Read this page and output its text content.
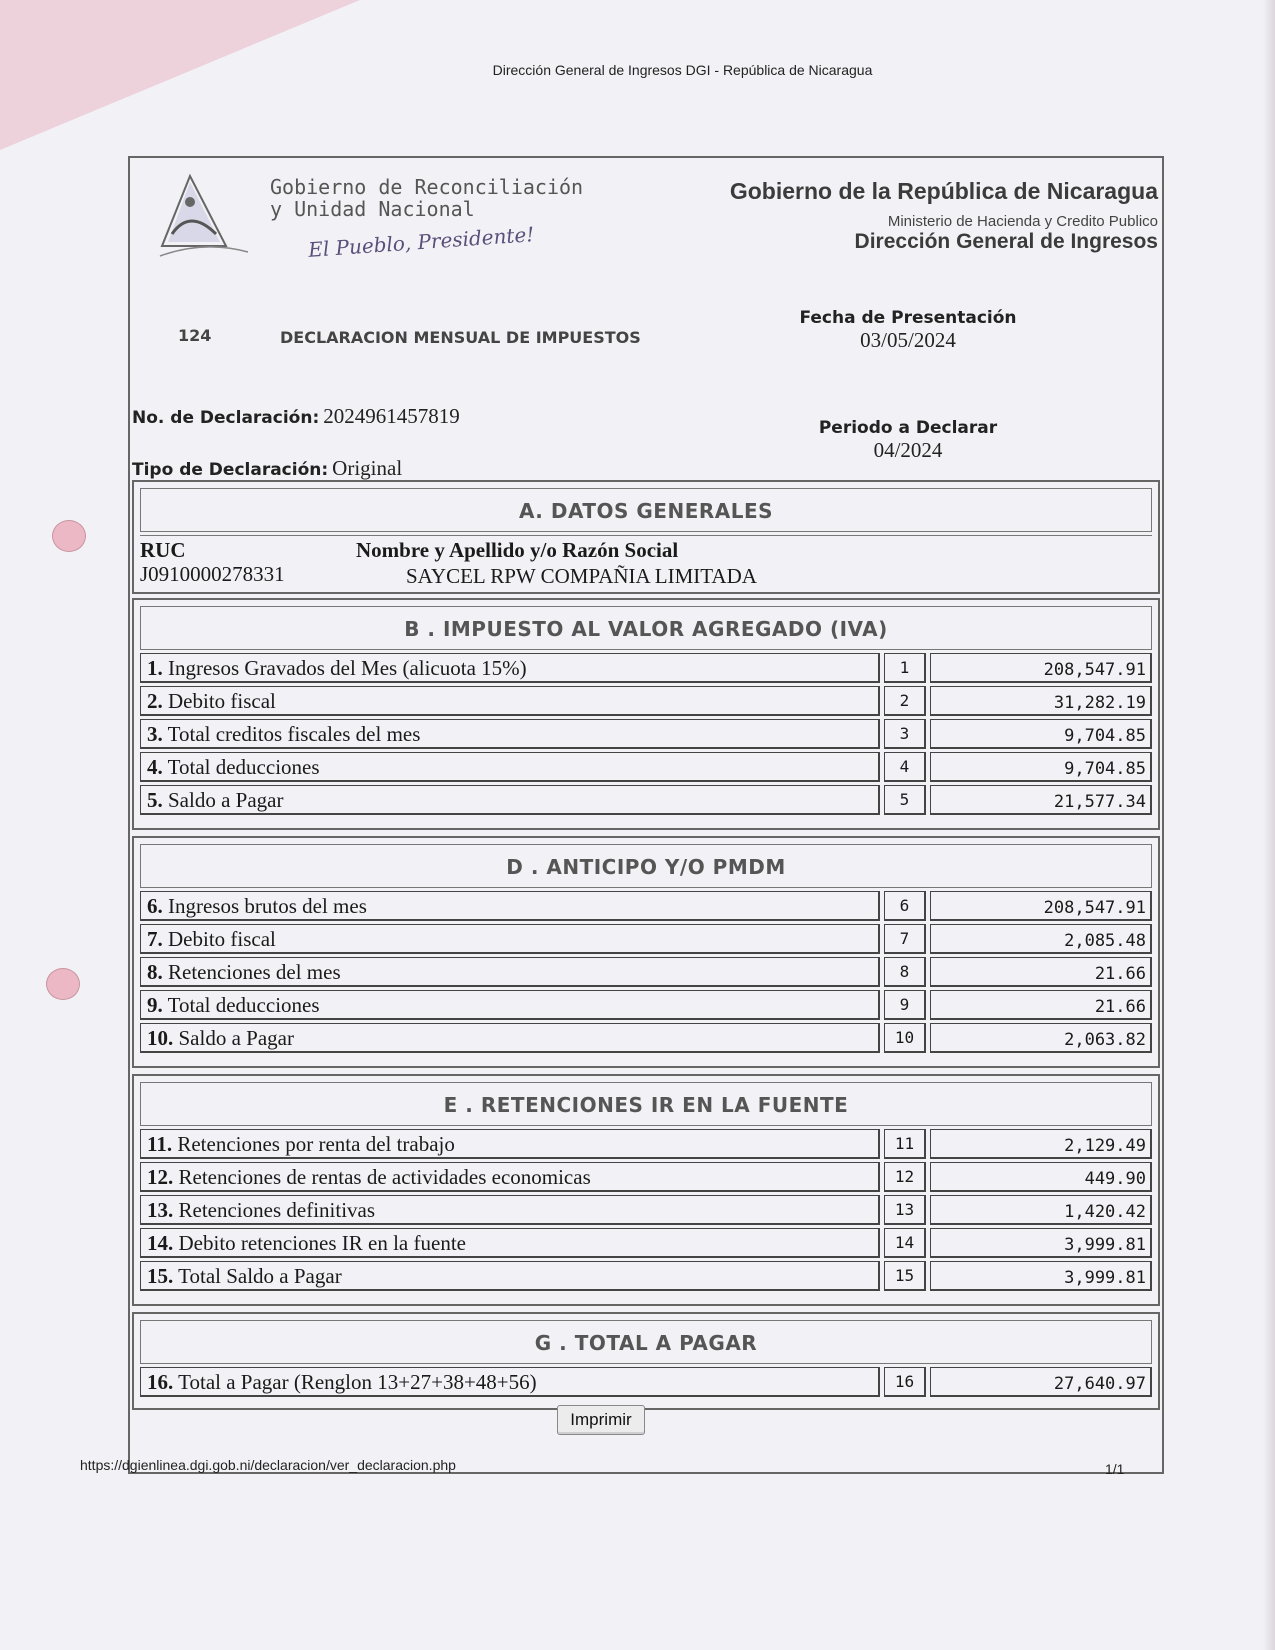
Dirección General de Ingresos DGI - República de Nicaragua
Gobierno de Reconciliación
y Unidad Nacional
El Pueblo, Presidente!
Gobierno de la República de Nicaragua
Ministerio de Hacienda y Credito Publico
Dirección General de Ingresos
124	DECLARACION MENSUAL DE IMPUESTOS
Fecha de Presentación
03/05/2024
No. de Declaración: 2024961457819
Tipo de Declaración: Original
Periodo a Declarar
04/2024
A. DATOS GENERALES
RUC
J0910000278331
Nombre y Apellido y/o Razón Social
SAYCEL RPW COMPAÑIA LIMITADA
B . IMPUESTO AL VALOR AGREGADO (IVA)
1. Ingresos Gravados del Mes (alicuota 15%)	1	208,547.91
2. Debito fiscal	2	31,282.19
3. Total creditos fiscales del mes	3	9,704.85
4. Total deducciones	4	9,704.85
5. Saldo a Pagar	5	21,577.34
D . ANTICIPO Y/O PMDM
6. Ingresos brutos del mes	6	208,547.91
7. Debito fiscal	7	2,085.48
8. Retenciones del mes	8	21.66
9. Total deducciones	9	21.66
10. Saldo a Pagar	10	2,063.82
E . RETENCIONES IR EN LA FUENTE
11. Retenciones por renta del trabajo	11	2,129.49
12. Retenciones de rentas de actividades economicas	12	449.90
13. Retenciones definitivas	13	1,420.42
14. Debito retenciones IR en la fuente	14	3,999.81
15. Total Saldo a Pagar	15	3,999.81
G . TOTAL A PAGAR
16. Total a Pagar (Renglon 13+27+38+48+56)	16	27,640.97
Imprimir
https://dgienlinea.dgi.gob.ni/declaracion/ver_declaracion.php	1/1
